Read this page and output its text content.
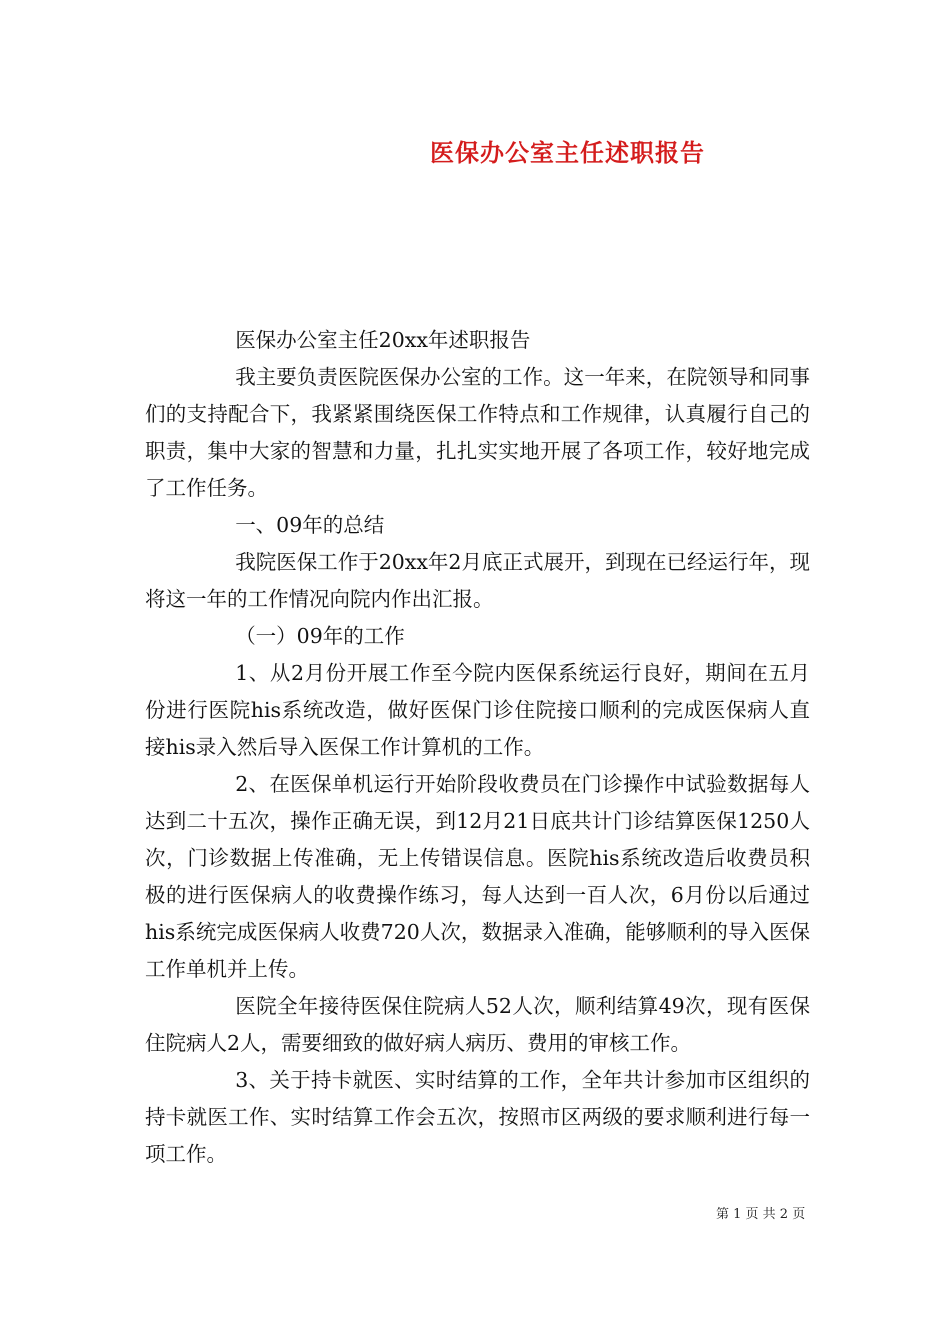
医保办公室主任述职报告

医保办公室主任20xx年述职报告

我主要负责医院医保办公室的工作。这一年来，在院领导和同事们的支持配合下，我紧紧围绕医保工作特点和工作规律，认真履行自己的职责，集中大家的智慧和力量，扎扎实实地开展了各项工作，较好地完成了工作任务。

一、09年的总结

我院医保工作于20xx年2月底正式展开，到现在已经运行年，现将这一年的工作情况向院内作出汇报。

（一）09年的工作

1、从2月份开展工作至今院内医保系统运行良好，期间在五月份进行医院his系统改造，做好医保门诊住院接口顺利的完成医保病人直接his录入然后导入医保工作计算机的工作。

2、在医保单机运行开始阶段收费员在门诊操作中试验数据每人达到二十五次，操作正确无误，到12月21日底共计门诊结算医保1250人次，门诊数据上传准确，无上传错误信息。医院his系统改造后收费员积极的进行医保病人的收费操作练习，每人达到一百人次，6月份以后通过his系统完成医保病人收费720人次，数据录入准确，能够顺利的导入医保工作单机并上传。

医院全年接待医保住院病人52人次，顺利结算49次，现有医保住院病人2人，需要细致的做好病人病历、费用的审核工作。

3、关于持卡就医、实时结算的工作，全年共计参加市区组织的持卡就医工作、实时结算工作会五次，按照市区两级的要求顺利进行每一项工作。

第 1 页 共 2 页
